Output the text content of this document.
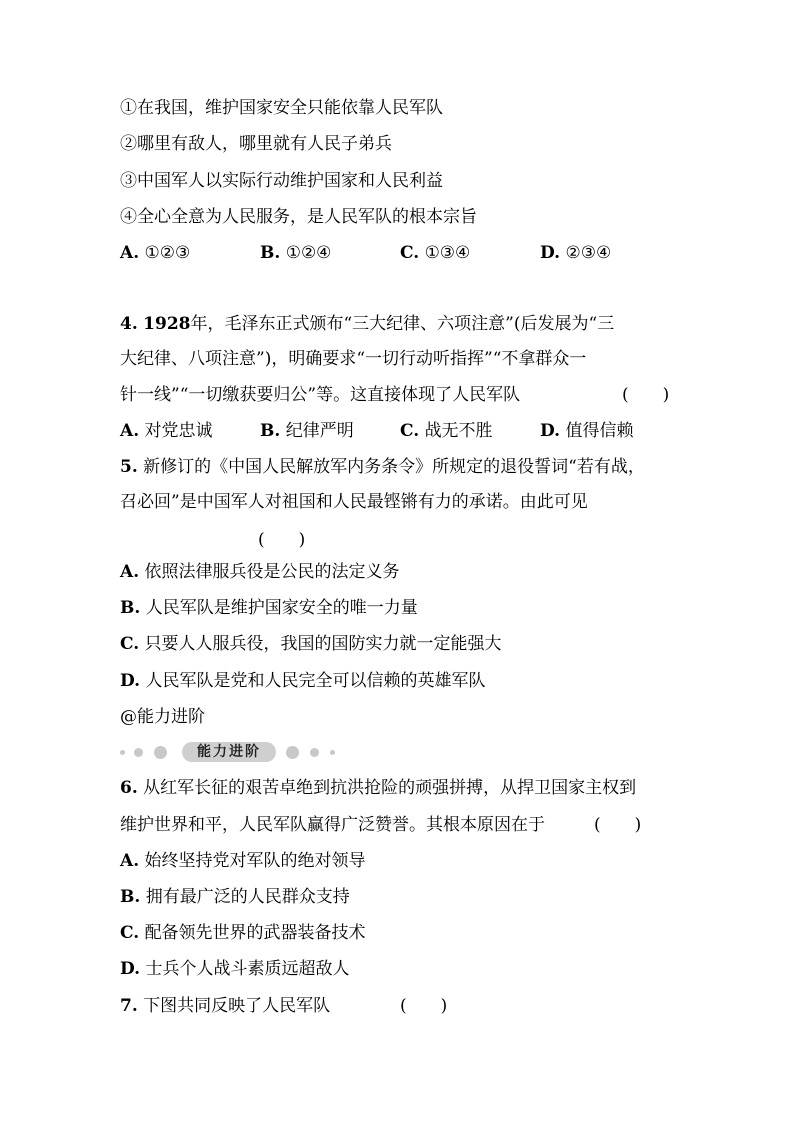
①在我国，维护国家安全只能依靠人民军队
②哪里有敌人，哪里就有人民子弟兵
③中国军人以实际行动维护国家和人民利益
④全心全意为人民服务，是人民军队的根本宗旨
A. ①②③	B. ①②④	C. ①③④	D. ②③④
4. 1928年，毛泽东正式颁布“三大纪律、六项注意”(后发展为“三
大纪律、八项注意”)，明确要求“一切行动听指挥”“不拿群众一
针一线”“一切缴获要归公”等。这直接体现了人民军队	(　　)
A. 对党忠诚	B. 纪律严明	C. 战无不胜	D. 值得信赖
5. 新修订的《中国人民解放军内务条令》所规定的退役誓词“若有战，
召必回”是中国军人对祖国和人民最铿锵有力的承诺。由此可见
(　　)
A. 依照法律服兵役是公民的法定义务
B. 人民军队是维护国家安全的唯一力量
C. 只要人人服兵役，我国的国防实力就一定能强大
D. 人民军队是党和人民完全可以信赖的英雄军队
@能力进阶
能力进阶
6. 从红军长征的艰苦卓绝到抗洪抢险的顽强拼搏，从捍卫国家主权到
维护世界和平，人民军队赢得广泛赞誉。其根本原因在于	(　　)
A. 始终坚持党对军队的绝对领导
B. 拥有最广泛的人民群众支持
C. 配备领先世界的武器装备技术
D. 士兵个人战斗素质远超敌人
7. 下图共同反映了人民军队	(　　)
